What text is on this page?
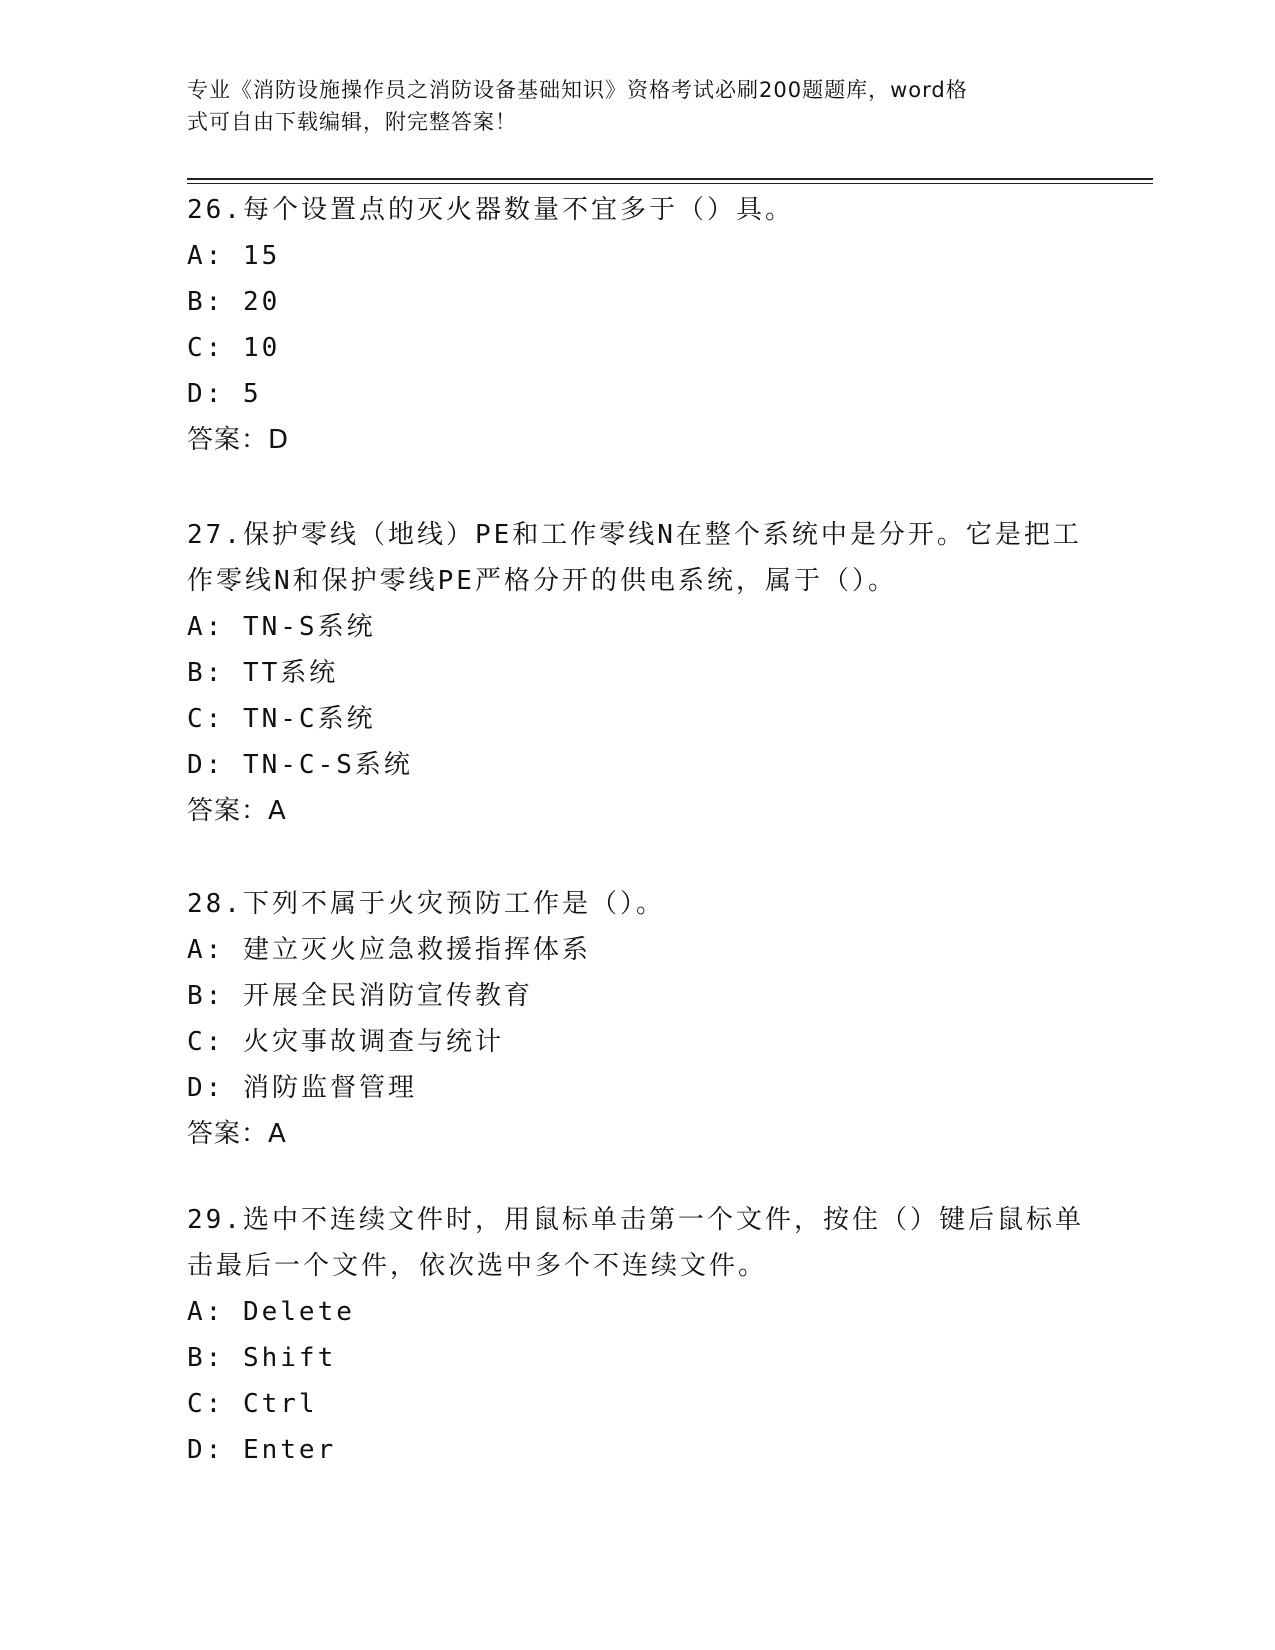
专业《消防设施操作员之消防设备基础知识》资格考试必刷200题题库，word格
式可自由下载编辑，附完整答案！
26.每个设置点的灭火器数量不宜多于（）具。
A: 15
B: 20
C: 10
D: 5
答案：D
27.保护零线（地线）PE和工作零线N在整个系统中是分开。它是把工
作零线N和保护零线PE严格分开的供电系统，属于（）。
A: TN-S系统
B: TT系统
C: TN-C系统
D: TN-C-S系统
答案：A
28.下列不属于火灾预防工作是（）。
A: 建立灭火应急救援指挥体系
B: 开展全民消防宣传教育
C: 火灾事故调查与统计
D: 消防监督管理
答案：A
29.选中不连续文件时，用鼠标单击第一个文件，按住（）键后鼠标单
击最后一个文件，依次选中多个不连续文件。
A: Delete
B: Shift
C: Ctrl
D: Enter
